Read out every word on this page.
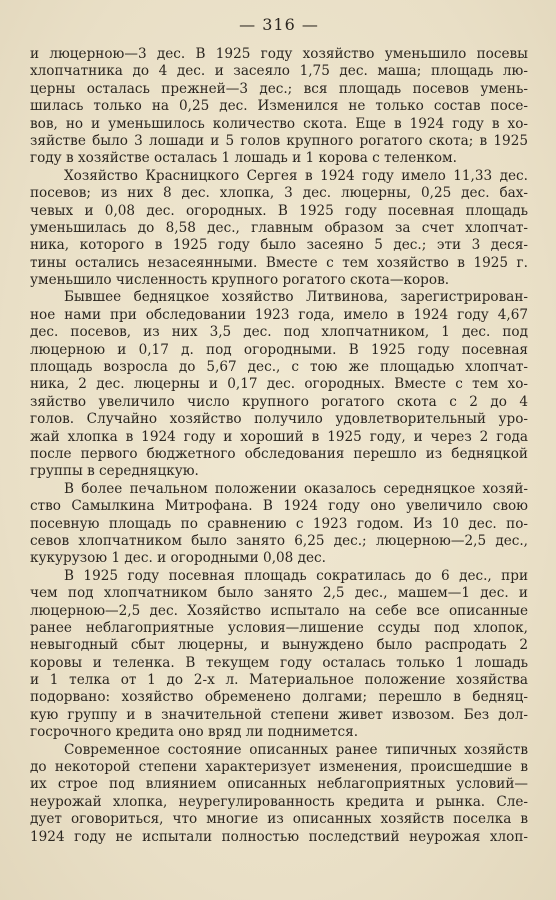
— 316 —
и люцерною—3 дес. В 1925 году хозяйство уменьшило посевы
хлопчатника до 4 дес. и засеяло 1,75 дес. маша; площадь лю-
церны осталась прежней—3 дес.; вся площадь посевов умень-
шилась только на 0,25 дес. Изменился не только состав посе-
вов, но и уменьшилось количество скота. Еще в 1924 году в хо-
зяйстве было 3 лошади и 5 голов крупного рогатого скота; в 1925
году в хозяйстве осталась 1 лошадь и 1 корова с теленком.
Хозяйство Красницкого Сергея в 1924 году имело 11,33 дес.
посевов; из них 8 дес. хлопка, 3 дес. люцерны, 0,25 дес. бах-
чевых и 0,08 дес. огородных. В 1925 году посевная площадь
уменьшилась до 8,58 дес., главным образом за счет хлопчат-
ника, которого в 1925 году было засеяно 5 дес.; эти 3 деся-
тины остались незасеянными. Вместе с тем хозяйство в 1925 г.
уменьшило численность крупного рогатого скота—коров.
Бывшее бедняцкое хозяйство Литвинова, зарегистрирован-
ное нами при обследовании 1923 года, имело в 1924 году 4,67
дес. посевов, из них 3,5 дес. под хлопчатником, 1 дес. под
люцерною и 0,17 д. под огородными. В 1925 году посевная
площадь возросла до 5,67 дес., с тою же площадью хлопчат-
ника, 2 дес. люцерны и 0,17 дес. огородных. Вместе с тем хо-
зяйство увеличило число крупного рогатого скота с 2 до 4
голов. Случайно хозяйство получило удовлетворительный уро-
жай хлопка в 1924 году и хороший в 1925 году, и через 2 года
после первого бюджетного обследования перешло из бедняцкой
группы в середняцкую.
В более печальном положении оказалось середняцкое хозяй-
ство Самылкина Митрофана. В 1924 году оно увеличило свою
посевную площадь по сравнению с 1923 годом. Из 10 дес. по-
севов хлопчатником было занято 6,25 дес.; люцерною—2,5 дес.,
кукурузою 1 дес. и огородными 0,08 дес.
В 1925 году посевная площадь сократилась до 6 дес., при
чем под хлопчатником было занято 2,5 дес., машем—1 дес. и
люцерною—2,5 дес. Хозяйство испытало на себе все описанные
ранее неблагоприятные условия—лишение ссуды под хлопок,
невыгодный сбыт люцерны, и вынуждено было распродать 2
коровы и теленка. В текущем году осталась только 1 лошадь
и 1 телка от 1 до 2-х л. Материальное положение хозяйства
подорвано: хозяйство обременено долгами; перешло в бедняц-
кую группу и в значительной степени живет извозом. Без дол-
госрочного кредита оно вряд ли поднимется.
Современное состояние описанных ранее типичных хозяйств
до некоторой степени характеризует изменения, происшедшие в
их строе под влиянием описанных неблагоприятных условий—
неурожай хлопка, неурегулированность кредита и рынка. Сле-
дует оговориться, что многие из описанных хозяйств поселка в
1924 году не испытали полностью последствий неурожая хлоп-
